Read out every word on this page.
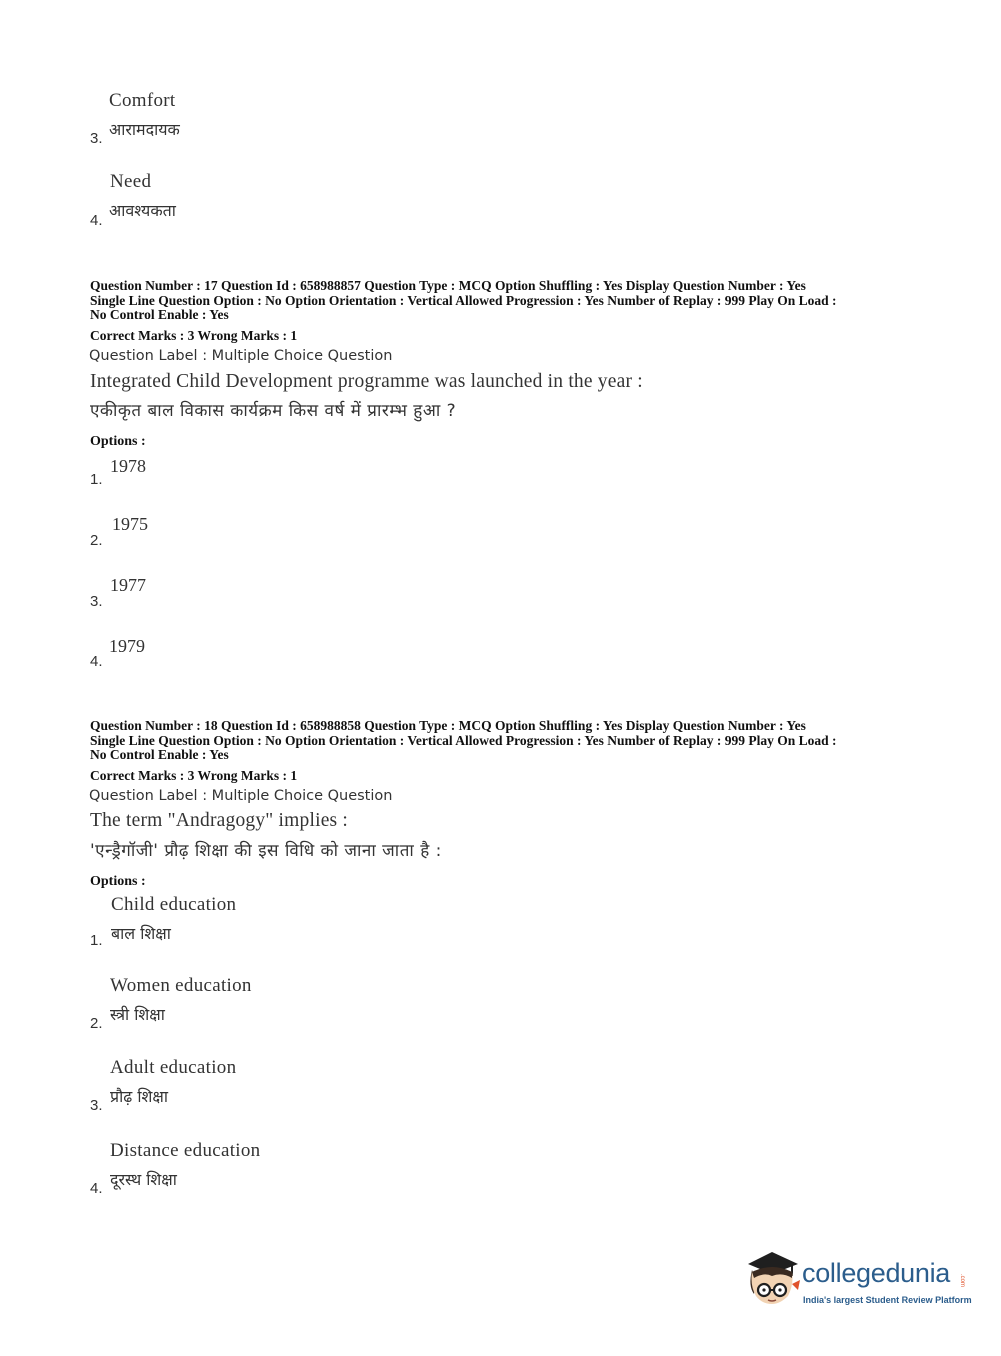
Comfort
आरामदायक
3.
Need
आवश्यकता
4.
Question Number : 17 Question Id : 658988857 Question Type : MCQ Option Shuffling : Yes Display Question Number : Yes
Single Line Question Option : No Option Orientation : Vertical Allowed Progression : Yes Number of Replay : 999 Play On Load :
No Control Enable : Yes
Correct Marks : 3 Wrong Marks : 1
Question Label : Multiple Choice Question
Integrated Child Development programme was launched in the year :
एकीकृत बाल विकास कार्यक्रम किस वर्ष में प्रारम्भ हुआ ?
Options :
1978
1.
1975
2.
1977
3.
1979
4.
Question Number : 18 Question Id : 658988858 Question Type : MCQ Option Shuffling : Yes Display Question Number : Yes
Single Line Question Option : No Option Orientation : Vertical Allowed Progression : Yes Number of Replay : 999 Play On Load :
No Control Enable : Yes
Correct Marks : 3 Wrong Marks : 1
Question Label : Multiple Choice Question
The term "Andragogy" implies :
'एन्ड्रैगॉजी' प्रौढ़ शिक्षा की इस विधि को जाना जाता है :
Options :
Child education
बाल शिक्षा
1.
Women education
स्त्री शिक्षा
2.
Adult education
प्रौढ़ शिक्षा
3.
Distance education
दूरस्थ शिक्षा
4.
collegedunia .com
India's largest Student Review Platform
